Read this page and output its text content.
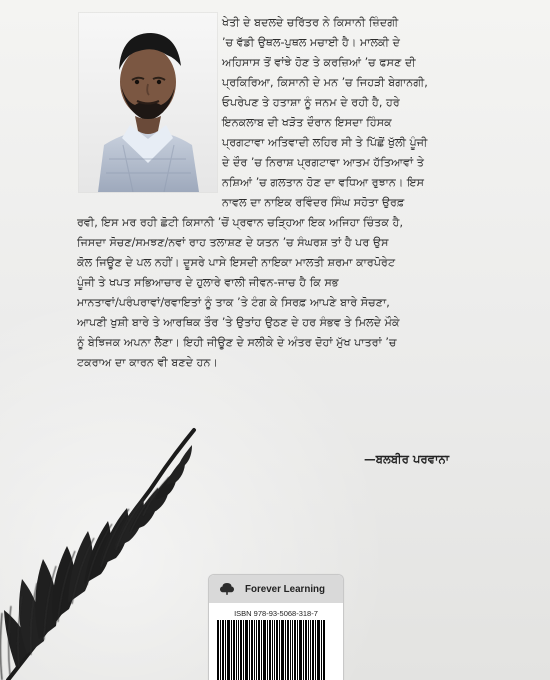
ਖੇਤੀ ਦੇ ਬਦਲਦੇ ਚਰਿੱਤਰ ਨੇ ਕਿਸਾਨੀ ਜ਼ਿੰਦਗੀ
’ਚ ਵੱਡੀ ਉਥਲ-ਪੁਥਲ ਮਚਾਈ ਹੈ। ਮਾਲਕੀ ਦੇ
ਅਹਿਸਾਸ ਤੋਂ ਵਾਂਝੇ ਹੋਣ ਤੇ ਕਰਜ਼ਿਆਂ ’ਚ ਫਸਣ ਦੀ
ਪ੍ਰਕਿਰਿਆ, ਕਿਸਾਨੀ ਦੇ ਮਨ ’ਚ ਜਿਹੜੀ ਬੇਗਾਨਗੀ,
ਓਪਰੇਪਣ ਤੇ ਹਤਾਸ਼ਾ ਨੂੰ ਜਨਮ ਦੇ ਰਹੀ ਹੈ, ਹਰੇ
ਇਨਕਲਾਬ ਦੀ ਖੜੋਤ ਦੌਰਾਨ ਇਸਦਾ ਹਿੰਸਕ
ਪ੍ਰਗਟਾਵਾ ਅਤਿਵਾਦੀ ਲਹਿਰ ਸੀ ਤੇ ਪਿੱਛੋਂ ਖੁੱਲੀ ਪੂੰਜੀ
ਦੇ ਦੌਰ ’ਚ ਨਿਰਾਸ਼ ਪ੍ਰਗਟਾਵਾ ਆਤਮ ਹੱਤਿਆਵਾਂ ਤੇ
ਨਸ਼ਿਆਂ ’ਚ ਗਲਤਾਨ ਹੋਣ ਦਾ ਵਧਿਆ ਰੁਝਾਨ। ਇਸ
ਨਾਵਲ ਦਾ ਨਾਇਕ ਰਵਿੰਦਰ ਸਿੰਘ ਸਹੋਤਾ ਉਰਫ਼
ਰਵੀ, ਇਸ ਮਰ ਰਹੀ ਛੋਟੀ ਕਿਸਾਨੀ ’ਚੋਂ ਪ੍ਰਵਾਨ ਚੜ੍ਹਿਆ ਇਕ ਅਜਿਹਾ ਚਿੰਤਕ ਹੈ,
ਜਿਸਦਾ ਸੋਚਣ/ਸਮਝਣ/ਨਵਾਂ ਰਾਹ ਤਲਾਸ਼ਣ ਦੇ ਯਤਨ ’ਚ ਸੰਘਰਸ਼ ਤਾਂ ਹੈ ਪਰ ਉਸ
ਕੋਲ ਜਿਊਣ ਦੇ ਪਲ ਨਹੀਂ। ਦੂਸਰੇ ਪਾਸੇ ਇਸਦੀ ਨਾਇਕਾ ਮਾਲਤੀ ਸ਼ਰਮਾ ਕਾਰਪੋਰੇਟ
ਪੂੰਜੀ ਤੇ ਖਪਤ ਸਭਿਆਚਾਰ ਦੇ ਹੁਲਾਰੇ ਵਾਲੀ ਜੀਵਨ-ਜਾਚ ਹੈ ਕਿ ਸਭ
ਮਾਨਤਾਵਾਂ/ਪਰੰਪਰਾਵਾਂ/ਰਵਾਇਤਾਂ ਨੂੰ ਤਾਕ ’ਤੇ ਟੰਗ ਕੇ ਸਿਰਫ਼ ਆਪਣੇ ਬਾਰੇ ਸੋਚਣਾ,
ਆਪਣੀ ਖੁਸ਼ੀ ਬਾਰੇ ਤੇ ਆਰਥਿਕ ਤੌਰ ’ਤੇ ਉਤਾਂਹ ਉਠਣ ਦੇ ਹਰ ਸੰਭਵ ਤੇ ਮਿਲਦੇ ਮੌਕੇ
ਨੂੰ ਬੇਝਿਜਕ ਅਪਨਾ ਲੈਣਾ। ਇਹੀ ਜੀਊਣ ਦੇ ਸਲੀਕੇ ਦੇ ਅੰਤਰ ਦੋਹਾਂ ਮੁੱਖ ਪਾਤਰਾਂ ’ਚ
ਟਕਰਾਅ ਦਾ ਕਾਰਨ ਵੀ ਬਣਦੇ ਹਨ।

—ਬਲਬੀਰ ਪਰਵਾਨਾ

Forever Learning

ISBN 978-93-5068-318-7
